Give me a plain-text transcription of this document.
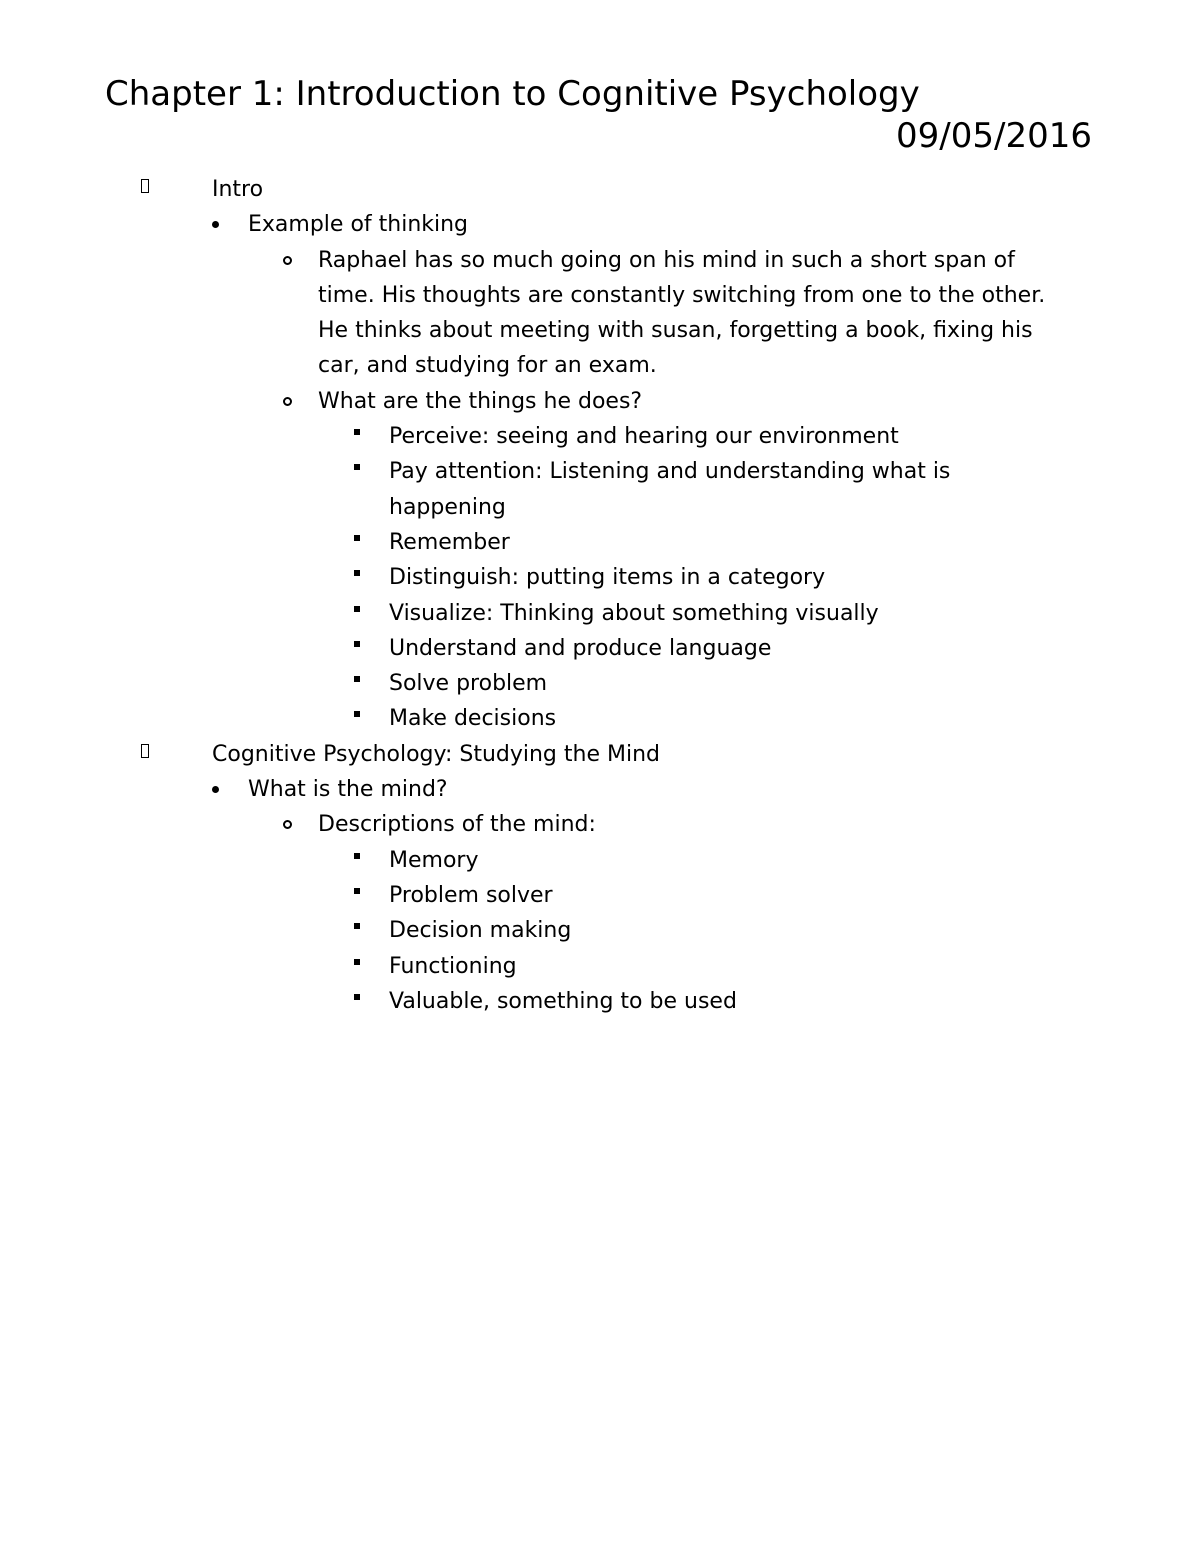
Chapter 1: Introduction to Cognitive Psychology
09/05/2016
Intro
Example of thinking
Raphael has so much going on his mind in such a short span of time. His thoughts are constantly switching from one to the other. He thinks about meeting with susan, forgetting a book, fixing his car, and studying for an exam.
What are the things he does?
Perceive: seeing and hearing our environment
Pay attention: Listening and understanding what is happening
Remember
Distinguish: putting items in a category
Visualize: Thinking about something visually
Understand and produce language
Solve problem
Make decisions
Cognitive Psychology: Studying the Mind
What is the mind?
Descriptions of the mind:
Memory
Problem solver
Decision making
Functioning
Valuable, something to be used
